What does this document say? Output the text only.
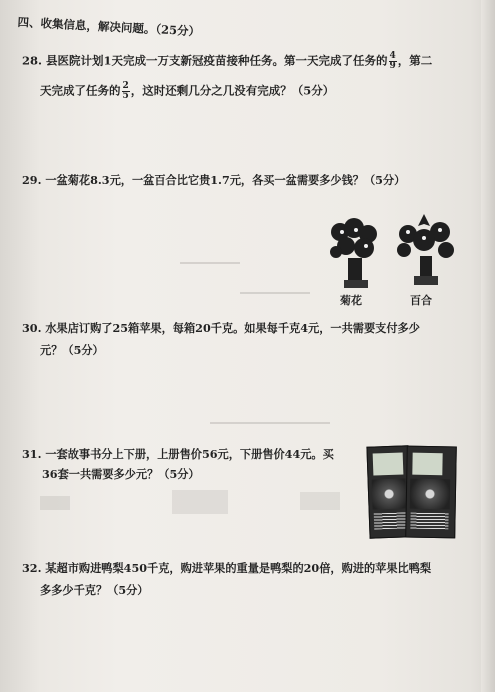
四、收集信息，解决问题。（25分）
28. 县医院计划1天完成一万支新冠疫苗接种任务。第一天完成了任务的 $\frac{4}{9}$ ，第二
天完成了任务的 $\frac{2}{5}$ ，这时还剩几分之几没有完成？（5分）
29. 一盆菊花8.3元，一盆百合比它贵1.7元，各买一盆需要多少钱？（5分）
菊花	百合
30. 水果店订购了25箱苹果，每箱20千克。如果每千克4元，一共需要支付多少
元？（5分）
31. 一套故事书分上下册，上册售价56元，下册售价44元。买
36套一共需要多少元？（5分）
32. 某超市购进鸭梨450千克，购进苹果的重量是鸭梨的20倍，购进的苹果比鸭梨
多多少千克？（5分）
